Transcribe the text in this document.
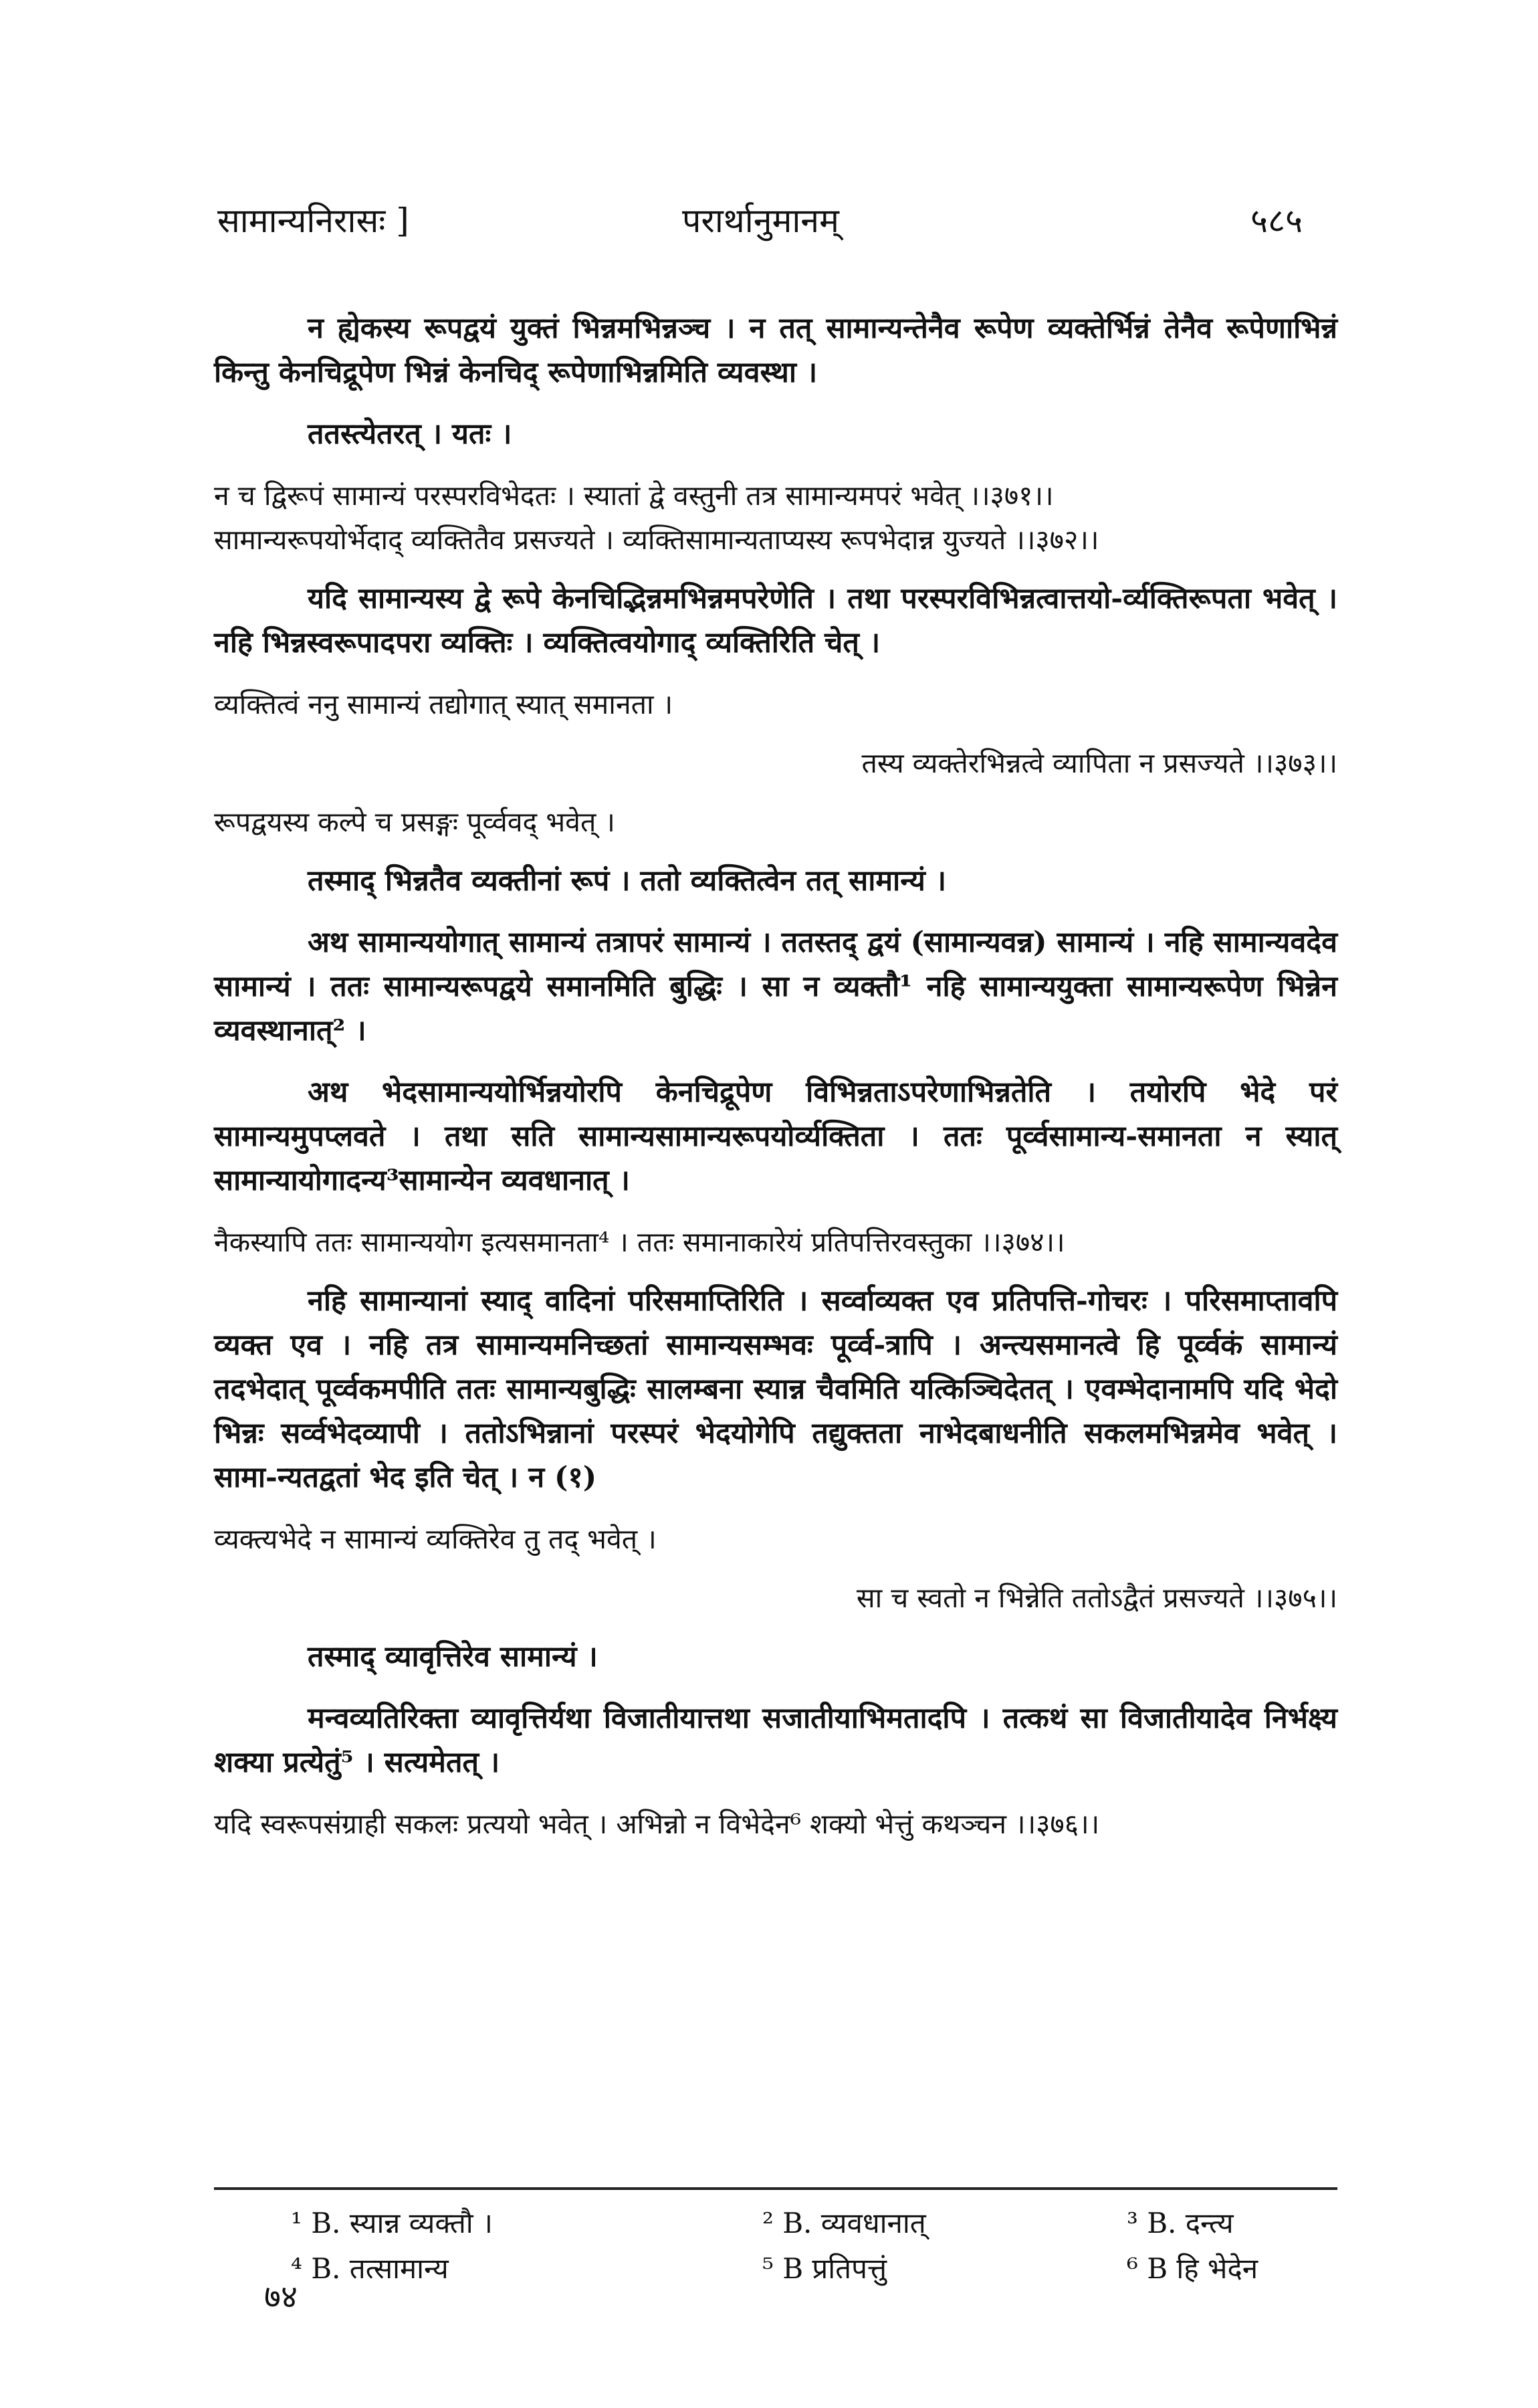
सामान्यनिरासः ]	परार्थानुमानम्	५८५

न ह्येकस्य रूपद्वयं युक्तं भिन्नमभिन्नञ्च । न तत् सामान्यन्तेनैव रूपेण व्यक्तेर्भिन्नं तेनैव रूपेणाभिन्नं किन्तु केनचिद्रूपेण भिन्नं केनचिद् रूपेणाभिन्नमिति व्यवस्था ।

ततस्त्येतरत् । यतः ।

न च द्विरूपं सामान्यं परस्परविभेदतः । स्यातां द्वे वस्तुनी तत्र सामान्यमपरं भवेत् ।।३७१।।
सामान्यरूपयोर्भेदाद् व्यक्तितैव प्रसज्यते । व्यक्तिसामान्यताप्यस्य रूपभेदान्न युज्यते ।।३७२।।

यदि सामान्यस्य द्वे रूपे केनचिद्भिन्नमभिन्नमपरेणेति । तथा परस्परविभिन्नत्वात्तयो-र्व्यक्तिरूपता भवेत् । नहि भिन्नस्वरूपादपरा व्यक्तिः । व्यक्तित्वयोगाद् व्यक्तिरिति चेत् ।

व्यक्तित्वं ननु सामान्यं तद्योगात् स्यात् समानता ।
तस्य व्यक्तेरभिन्नत्वे व्यापिता न प्रसज्यते ।।३७३।।
रूपद्वयस्य कल्पे च प्रसङ्गः पूर्व्ववद् भवेत् ।

तस्माद् भिन्नतैव व्यक्तीनां रूपं । ततो व्यक्तित्वेन तत् सामान्यं ।

अथ सामान्ययोगात् सामान्यं तत्रापरं सामान्यं । ततस्तद् द्वयं (सामान्यवन्न) सामान्यं । नहि सामान्यवदेव सामान्यं । ततः सामान्यरूपद्वये समानमिति बुद्धिः । सा न व्यक्तौ¹ नहि सामान्ययुक्ता सामान्यरूपेण भिन्नेन व्यवस्थानात्² ।

अथ भेदसामान्ययोर्भिन्नयोरपि केनचिद्रूपेण विभिन्नताऽपरेणाभिन्नतेति । तयोरपि भेदे परं सामान्यमुपप्लवते । तथा सति सामान्यसामान्यरूपयोर्व्यक्तिता । ततः पूर्व्वसामान्य-समानता न स्यात् सामान्यायोगादन्य³सामान्येन व्यवधानात् ।

नैकस्यापि ततः सामान्ययोग इत्यसमानता⁴ । ततः समानाकारेयं प्रतिपत्तिरवस्तुका ।।३७४।।

नहि सामान्यानां स्याद् वादिनां परिसमाप्तिरिति । सर्व्वाव्यक्त एव प्रतिपत्ति-गोचरः । परिसमाप्तावपि व्यक्त एव । नहि तत्र सामान्यमनिच्छतां सामान्यसम्भवः पूर्व्व-त्रापि । अन्त्यसमानत्वे हि पूर्व्वकं सामान्यं तदभेदात् पूर्व्वकमपीति ततः सामान्यबुद्धिः सालम्बना स्यान्न चैवमिति यत्किञ्चिदेतत् । एवम्भेदानामपि यदि भेदो भिन्नः सर्व्वभेदव्यापी । ततोऽभिन्नानां परस्परं भेदयोगेपि तद्युक्तता नाभेदबाधनीति सकलमभिन्नमेव भवेत् । सामा-न्यतद्वतां भेद इति चेत् । न (१)

व्यक्त्यभेदे न सामान्यं व्यक्तिरेव तु तद् भवेत् ।
सा च स्वतो न भिन्नेति ततोऽद्वैतं प्रसज्यते ।।३७५।।

तस्माद् व्यावृत्तिरेव सामान्यं ।

मन्वव्यतिरिक्ता व्यावृत्तिर्यथा विजातीयात्तथा सजातीयाभिमतादपि । तत्कथं सा विजातीयादेव निर्भक्ष्य शक्या प्रत्येतुं⁵ । सत्यमेतत् ।

यदि स्वरूपसंग्राही सकलः प्रत्ययो भवेत् । अभिन्नो न विभेदेन⁶ शक्यो भेत्तुं कथञ्चन ।।३७६।।
¹ B. स्यान्न व्यक्तौ ।	² B. व्यवधानात्	³ B. दन्त्य
⁴ B. तत्सामान्य	⁵ B प्रतिपत्तुं	⁶ B हि भेदेन
७४
